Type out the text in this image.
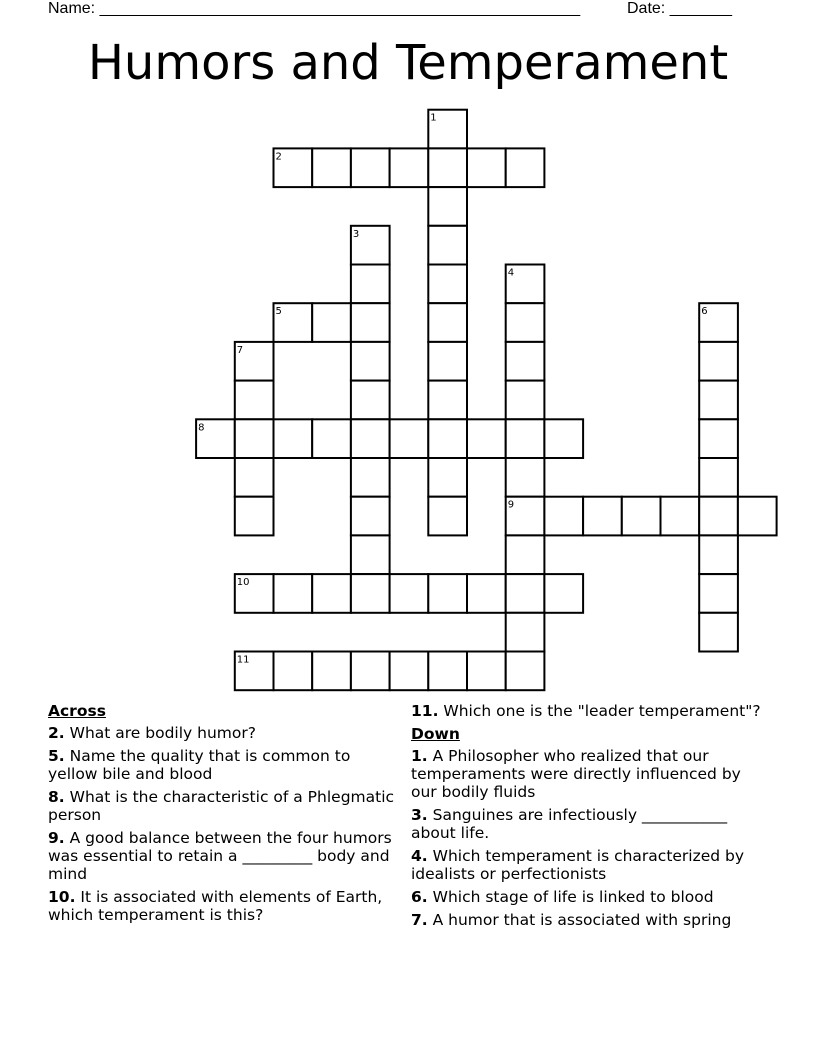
Name: ______________________________________________________	Date: _______
Humors and Temperament
1
2
3
4
5	6
7
8
9
10
11
Across
2. What are bodily humor?
5. Name the quality that is common to yellow bile and blood
8. What is the characteristic of a Phlegmatic person
9. A good balance between the four humors was essential to retain a _________ body and mind
10. It is associated with elements of Earth, which temperament is this?
11. Which one is the "leader temperament"?
Down
1. A Philosopher who realized that our temperaments were directly influenced by our bodily fluids
3. Sanguines are infectiously ___________ about life.
4. Which temperament is characterized by idealists or perfectionists
6. Which stage of life is linked to blood
7. A humor that is associated with spring
